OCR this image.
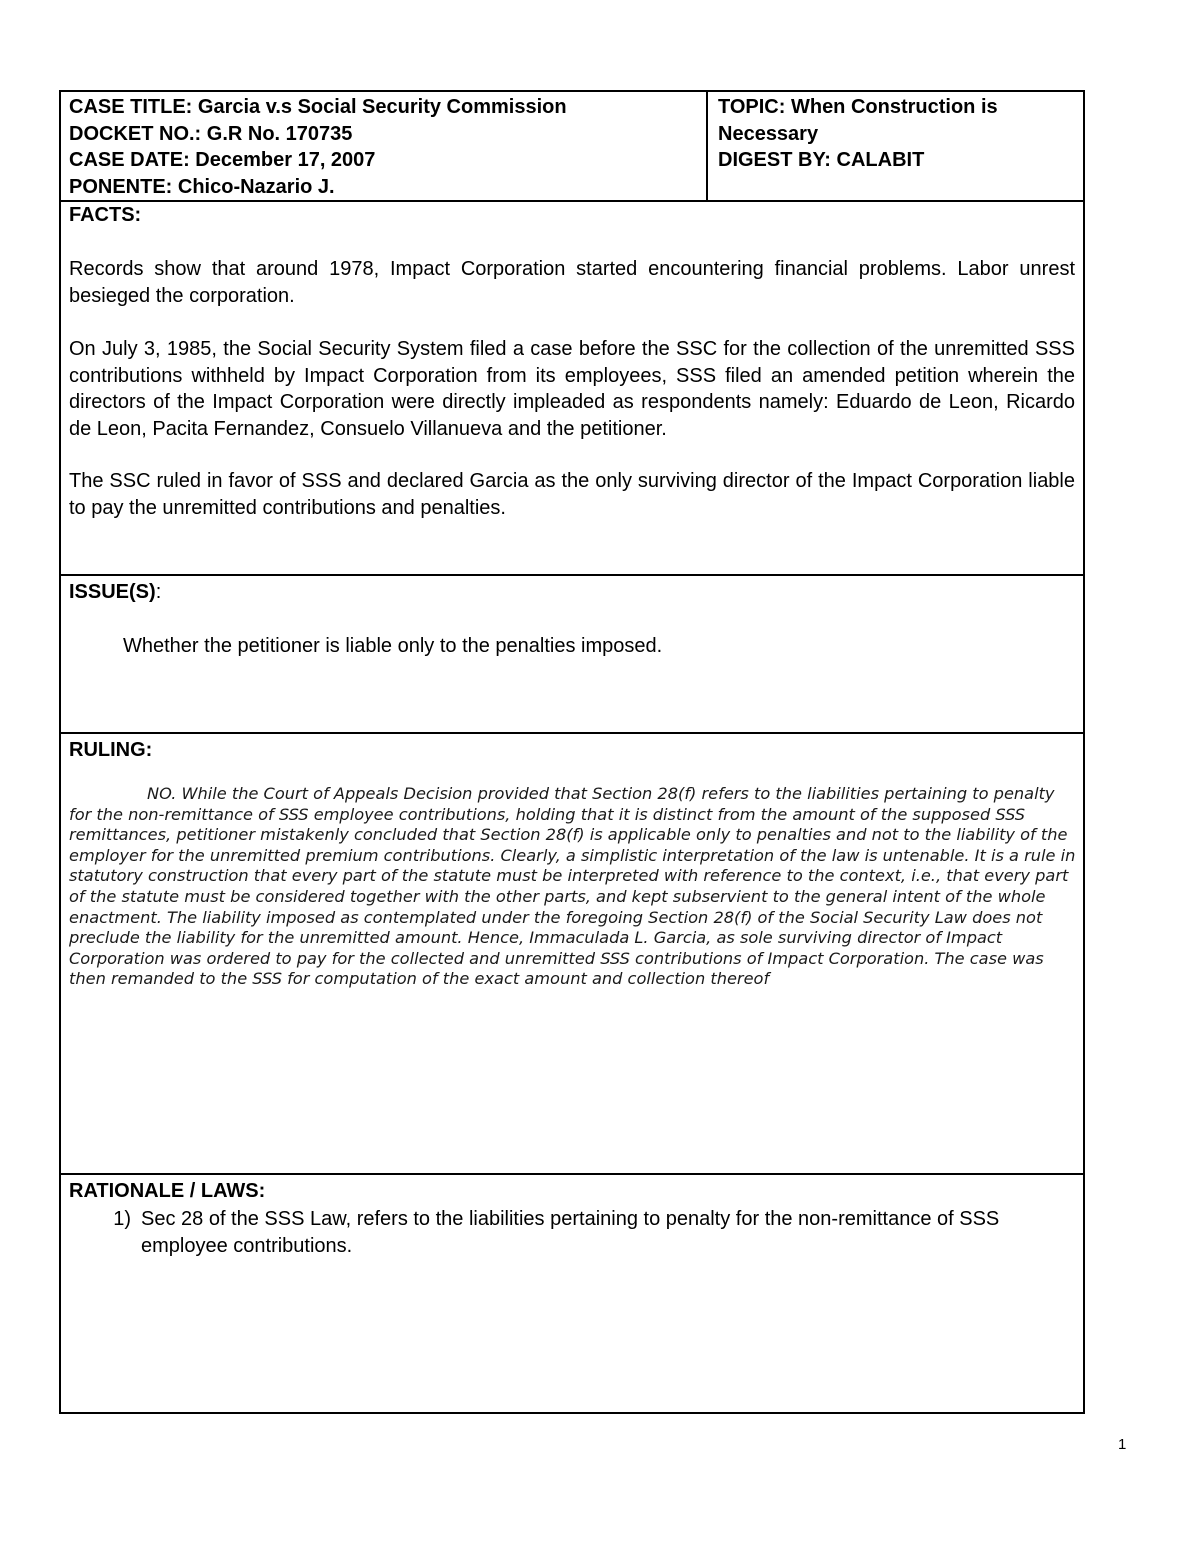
CASE TITLE: Garcia v.s Social Security Commission
DOCKET NO.: G.R No. 170735
CASE DATE: December 17, 2007
PONENTE: Chico-Nazario J.
TOPIC: When Construction is Necessary
DIGEST BY: CALABIT
FACTS:
Records show that around 1978, Impact Corporation started encountering financial problems. Labor unrest besieged the corporation.
On July 3, 1985, the Social Security System filed a case before the SSC for the collection of the unremitted SSS contributions withheld by Impact Corporation from its employees, SSS filed an amended petition wherein the directors of the Impact Corporation were directly impleaded as respondents namely: Eduardo de Leon, Ricardo de Leon, Pacita Fernandez, Consuelo Villanueva and the petitioner.
The SSC ruled in favor of SSS and declared Garcia as the only surviving director of the Impact Corporation liable to pay the unremitted contributions and penalties.
ISSUE(S):
Whether the petitioner is liable only to the penalties imposed.
RULING:
NO. While the Court of Appeals Decision provided that Section 28(f) refers to the liabilities pertaining to penalty for the non-remittance of SSS employee contributions, holding that it is distinct from the amount of the supposed SSS remittances, petitioner mistakenly concluded that Section 28(f) is applicable only to penalties and not to the liability of the employer for the unremitted premium contributions. Clearly, a simplistic interpretation of the law is untenable. It is a rule in statutory construction that every part of the statute must be interpreted with reference to the context, i.e., that every part of the statute must be considered together with the other parts, and kept subservient to the general intent of the whole enactment. The liability imposed as contemplated under the foregoing Section 28(f) of the Social Security Law does not preclude the liability for the unremitted amount. Hence, Immaculada L. Garcia, as sole surviving director of Impact Corporation was ordered to pay for the collected and unremitted SSS contributions of Impact Corporation. The case was then remanded to the SSS for computation of the exact amount and collection thereof
RATIONALE / LAWS:
1) Sec 28 of the SSS Law, refers to the liabilities pertaining to penalty for the non-remittance of SSS employee contributions.
1
